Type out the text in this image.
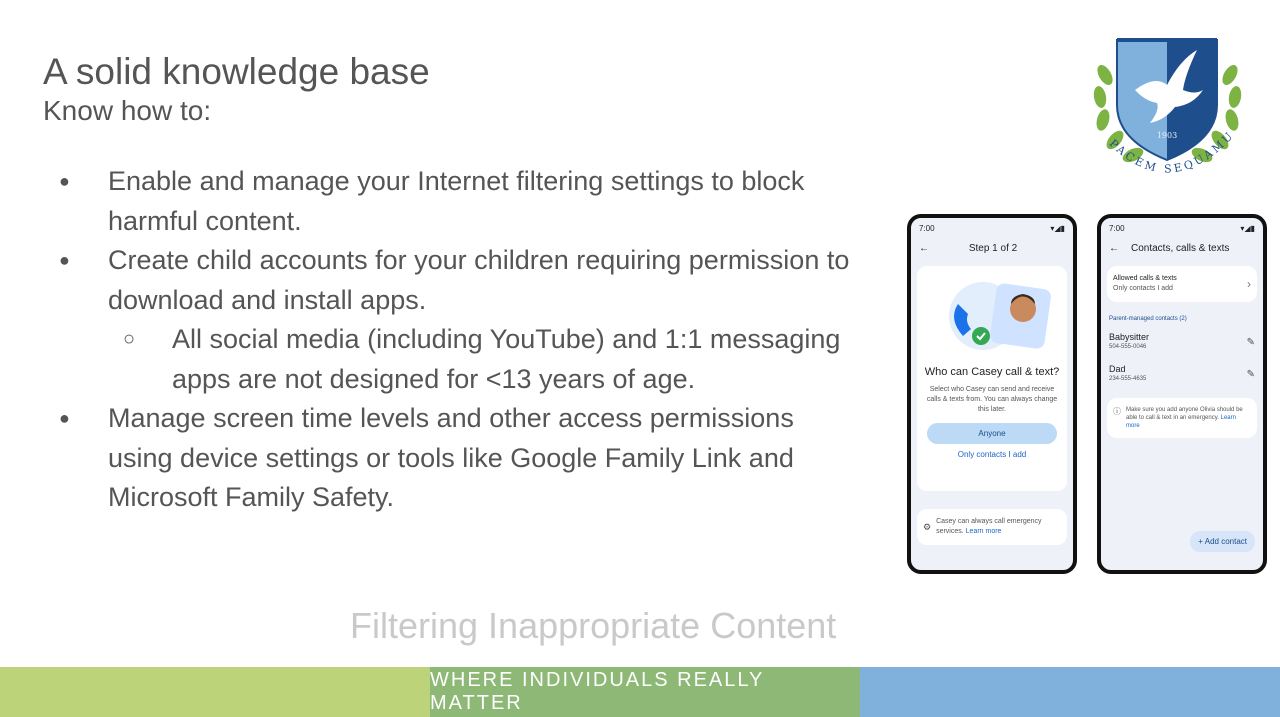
A solid knowledge base
Know how to:
● Enable and manage your Internet filtering settings to block harmful content.
● Create child accounts for your children requiring permission to download and install apps.
○ All social media (including YouTube) and 1:1 messaging apps are not designed for <13 years of age.
● Manage screen time levels and other access permissions using device settings or tools like Google Family Link and Microsoft Family Safety.
1903
PACEM SEQUAMU
7:00	▾◢▮
←	Step 1 of 2
Who can Casey call & text?
Select who Casey can send and receive calls & texts from. You can always change this later.
Anyone
Only contacts I add
⚙ Casey can always call emergency services. Learn more
7:00	▾◢▮
← Contacts, calls & texts
Allowed calls & texts
Only contacts I add	›
Parent-managed contacts (2)
Babysitter
504-555-0046	✎
Dad
234-555-4635	✎
ⓘ Make sure you add anyone Olivia should be able to call & text in an emergency. Learn more
+ Add contact
Filtering Inappropriate Content
WHERE INDIVIDUALS REALLY MATTER
